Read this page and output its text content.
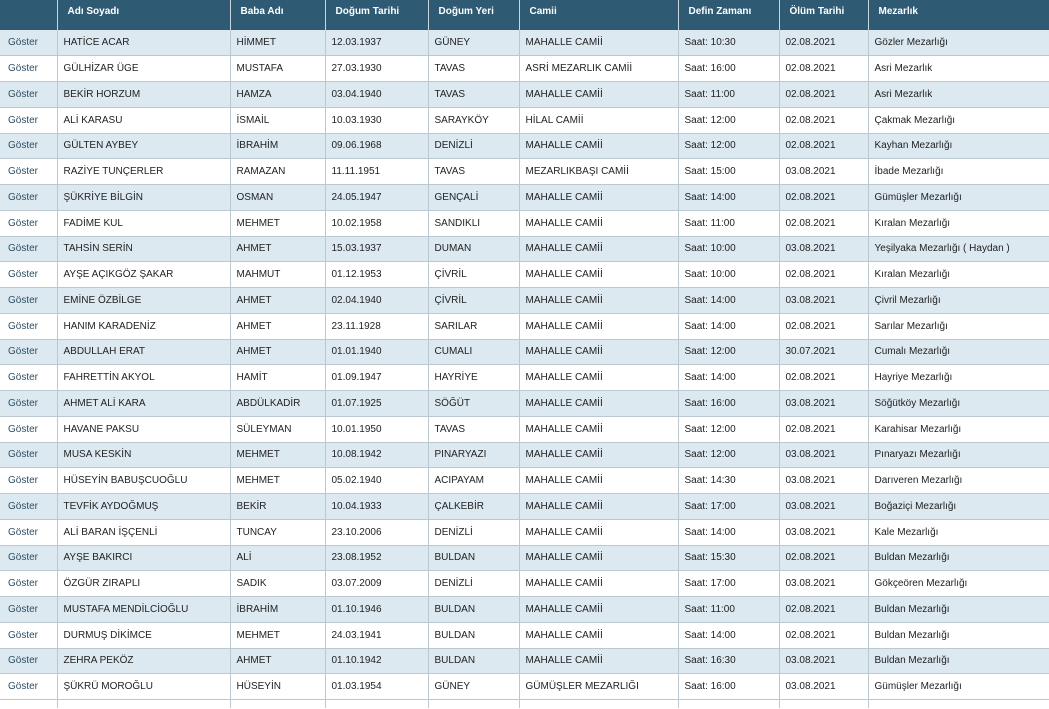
	Adı Soyadı	Baba Adı	Doğum Tarihi	Doğum Yeri	Camii	Defin Zamanı	Ölüm Tarihi	Mezarlık
Göster	HATİCE ACAR	HİMMET	12.03.1937	GÜNEY	MAHALLE CAMİİ	Saat: 10:30	02.08.2021	Gözler Mezarlığı
Göster	GÜLHİZAR ÜGE	MUSTAFA	27.03.1930	TAVAS	ASRİ MEZARLIK CAMİİ	Saat: 16:00	02.08.2021	Asri Mezarlık
Göster	BEKİR HORZUM	HAMZA	03.04.1940	TAVAS	MAHALLE CAMİİ	Saat: 11:00	02.08.2021	Asri Mezarlık
Göster	ALİ KARASU	İSMAİL	10.03.1930	SARAYKÖY	HİLAL CAMİİ	Saat: 12:00	02.08.2021	Çakmak Mezarlığı
Göster	GÜLTEN AYBEY	İBRAHİM	09.06.1968	DENİZLİ	MAHALLE CAMİİ	Saat: 12:00	02.08.2021	Kayhan Mezarlığı
Göster	RAZİYE TUNÇERLER	RAMAZAN	11.11.1951	TAVAS	MEZARLIKBAŞI CAMİİ	Saat: 15:00	03.08.2021	İbade Mezarlığı
Göster	ŞÜKRİYE BİLGİN	OSMAN	24.05.1947	GENÇALİ	MAHALLE CAMİİ	Saat: 14:00	02.08.2021	Gümüşler Mezarlığı
Göster	FADİME KUL	MEHMET	10.02.1958	SANDIKLI	MAHALLE CAMİİ	Saat: 11:00	02.08.2021	Kıralan Mezarlığı
Göster	TAHSİN SERİN	AHMET	15.03.1937	DUMAN	MAHALLE CAMİİ	Saat: 10:00	03.08.2021	Yeşilyaka Mezarlığı ( Haydan )
Göster	AYŞE AÇIKGÖZ ŞAKAR	MAHMUT	01.12.1953	ÇİVRİL	MAHALLE CAMİİ	Saat: 10:00	02.08.2021	Kıralan Mezarlığı
Göster	EMİNE ÖZBİLGE	AHMET	02.04.1940	ÇİVRİL	MAHALLE CAMİİ	Saat: 14:00	03.08.2021	Çivril Mezarlığı
Göster	HANIM KARADENİZ	AHMET	23.11.1928	SARILAR	MAHALLE CAMİİ	Saat: 14:00	02.08.2021	Sarılar Mezarlığı
Göster	ABDULLAH ERAT	AHMET	01.01.1940	CUMALI	MAHALLE CAMİİ	Saat: 12:00	30.07.2021	Cumalı Mezarlığı
Göster	FAHRETTİN AKYOL	HAMİT	01.09.1947	HAYRİYE	MAHALLE CAMİİ	Saat: 14:00	02.08.2021	Hayriye Mezarlığı
Göster	AHMET ALİ KARA	ABDÜLKADİR	01.07.1925	SÖĞÜT	MAHALLE CAMİİ	Saat: 16:00	03.08.2021	Söğütköy Mezarlığı
Göster	HAVANE PAKSU	SÜLEYMAN	10.01.1950	TAVAS	MAHALLE CAMİİ	Saat: 12:00	02.08.2021	Karahisar Mezarlığı
Göster	MUSA KESKİN	MEHMET	10.08.1942	PINARYAZI	MAHALLE CAMİİ	Saat: 12:00	03.08.2021	Pınaryazı Mezarlığı
Göster	HÜSEYİN BABUŞCUOĞLU	MEHMET	05.02.1940	ACIPAYAM	MAHALLE CAMİİ	Saat: 14:30	03.08.2021	Darıveren Mezarlığı
Göster	TEVFİK AYDOĞMUŞ	BEKİR	10.04.1933	ÇALKEBİR	MAHALLE CAMİİ	Saat: 17:00	03.08.2021	Boğaziçi Mezarlığı
Göster	ALİ BARAN İŞÇENLİ	TUNCAY	23.10.2006	DENİZLİ	MAHALLE CAMİİ	Saat: 14:00	03.08.2021	Kale Mezarlığı
Göster	AYŞE BAKIRCI	ALİ	23.08.1952	BULDAN	MAHALLE CAMİİ	Saat: 15:30	02.08.2021	Buldan Mezarlığı
Göster	ÖZGÜR ZIRAPLI	SADIK	03.07.2009	DENİZLİ	MAHALLE CAMİİ	Saat: 17:00	03.08.2021	Gökçeören Mezarlığı
Göster	MUSTAFA MENDİLCİOĞLU	İBRAHİM	01.10.1946	BULDAN	MAHALLE CAMİİ	Saat: 11:00	02.08.2021	Buldan Mezarlığı
Göster	DURMUŞ DİKİMCE	MEHMET	24.03.1941	BULDAN	MAHALLE CAMİİ	Saat: 14:00	02.08.2021	Buldan Mezarlığı
Göster	ZEHRA PEKÖZ	AHMET	01.10.1942	BULDAN	MAHALLE CAMİİ	Saat: 16:30	03.08.2021	Buldan Mezarlığı
Göster	ŞÜKRÜ MOROĞLU	HÜSEYİN	01.03.1954	GÜNEY	GÜMÜŞLER MEZARLIĞI	Saat: 16:00	03.08.2021	Gümüşler Mezarlığı
